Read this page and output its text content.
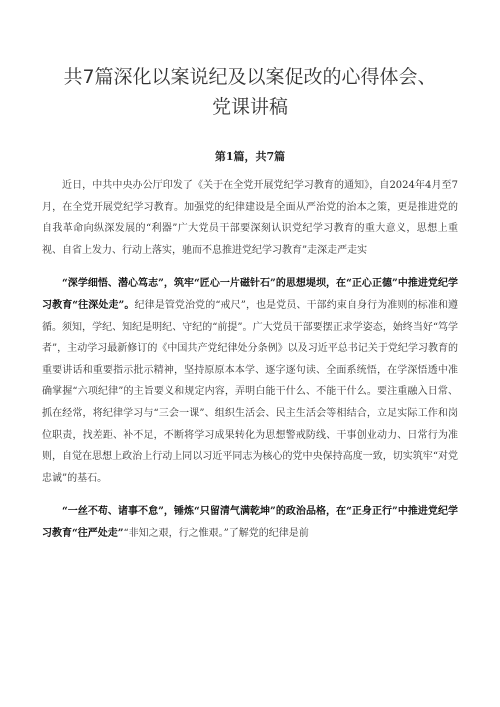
共7篇深化以案说纪及以案促改的心得体会、党课讲稿
第1篇，共7篇

近日，中共中央办公厅印发了《关于在全党开展党纪学习教育的通知》，自2024年4月至7月，在全党开展党纪学习教育。加强党的纪律建设是全面从严治党的治本之策，更是推进党的自我革命向纵深发展的“利器”广大党员干部要深刻认识党纪学习教育的重大意义，思想上重视、自省上发力、行动上落实，驰而不息推进党纪学习教育”走深走严走实

“深学细悟、潜心笃志”，筑牢“匠心一片磁针石”的思想堤坝，在“正心正德”中推进党纪学习教育“往深处走”。纪律是管党治党的“戒尺”，也是党员、干部约束自身行为准则的标准和遵循。须知，学纪、知纪是明纪、守纪的“前提”。广大党员干部要摆正求学姿态，始终当好“笃学者”，主动学习最新修订的《中国共产党纪律处分条例》以及习近平总书记关于党纪学习教育的重要讲话和重要指示批示精神，坚持原原本本学、逐字逐句读、全面系统悟，在学深悟透中准确掌握“六项纪律”的主旨要义和规定内容，弄明白能干什么、不能干什么。要注重融入日常、抓在经常，将纪律学习与“三会一课”、组织生活会、民主生活会等相结合，立足实际工作和岗位职责，找差距、补不足，不断将学习成果转化为思想警戒防线、干事创业动力、日常行为准则，自觉在思想上政治上行动上同以习近平同志为核心的党中央保持高度一致，切实筑牢“对党忠诚”的基石。

“一丝不苟、诸事不怠”，锤炼“只留清气满乾坤”的政治品格，在“正身正行”中推进党纪学习教育“往严处走”“非知之艰，行之惟艰。”了解党的纪律是前
